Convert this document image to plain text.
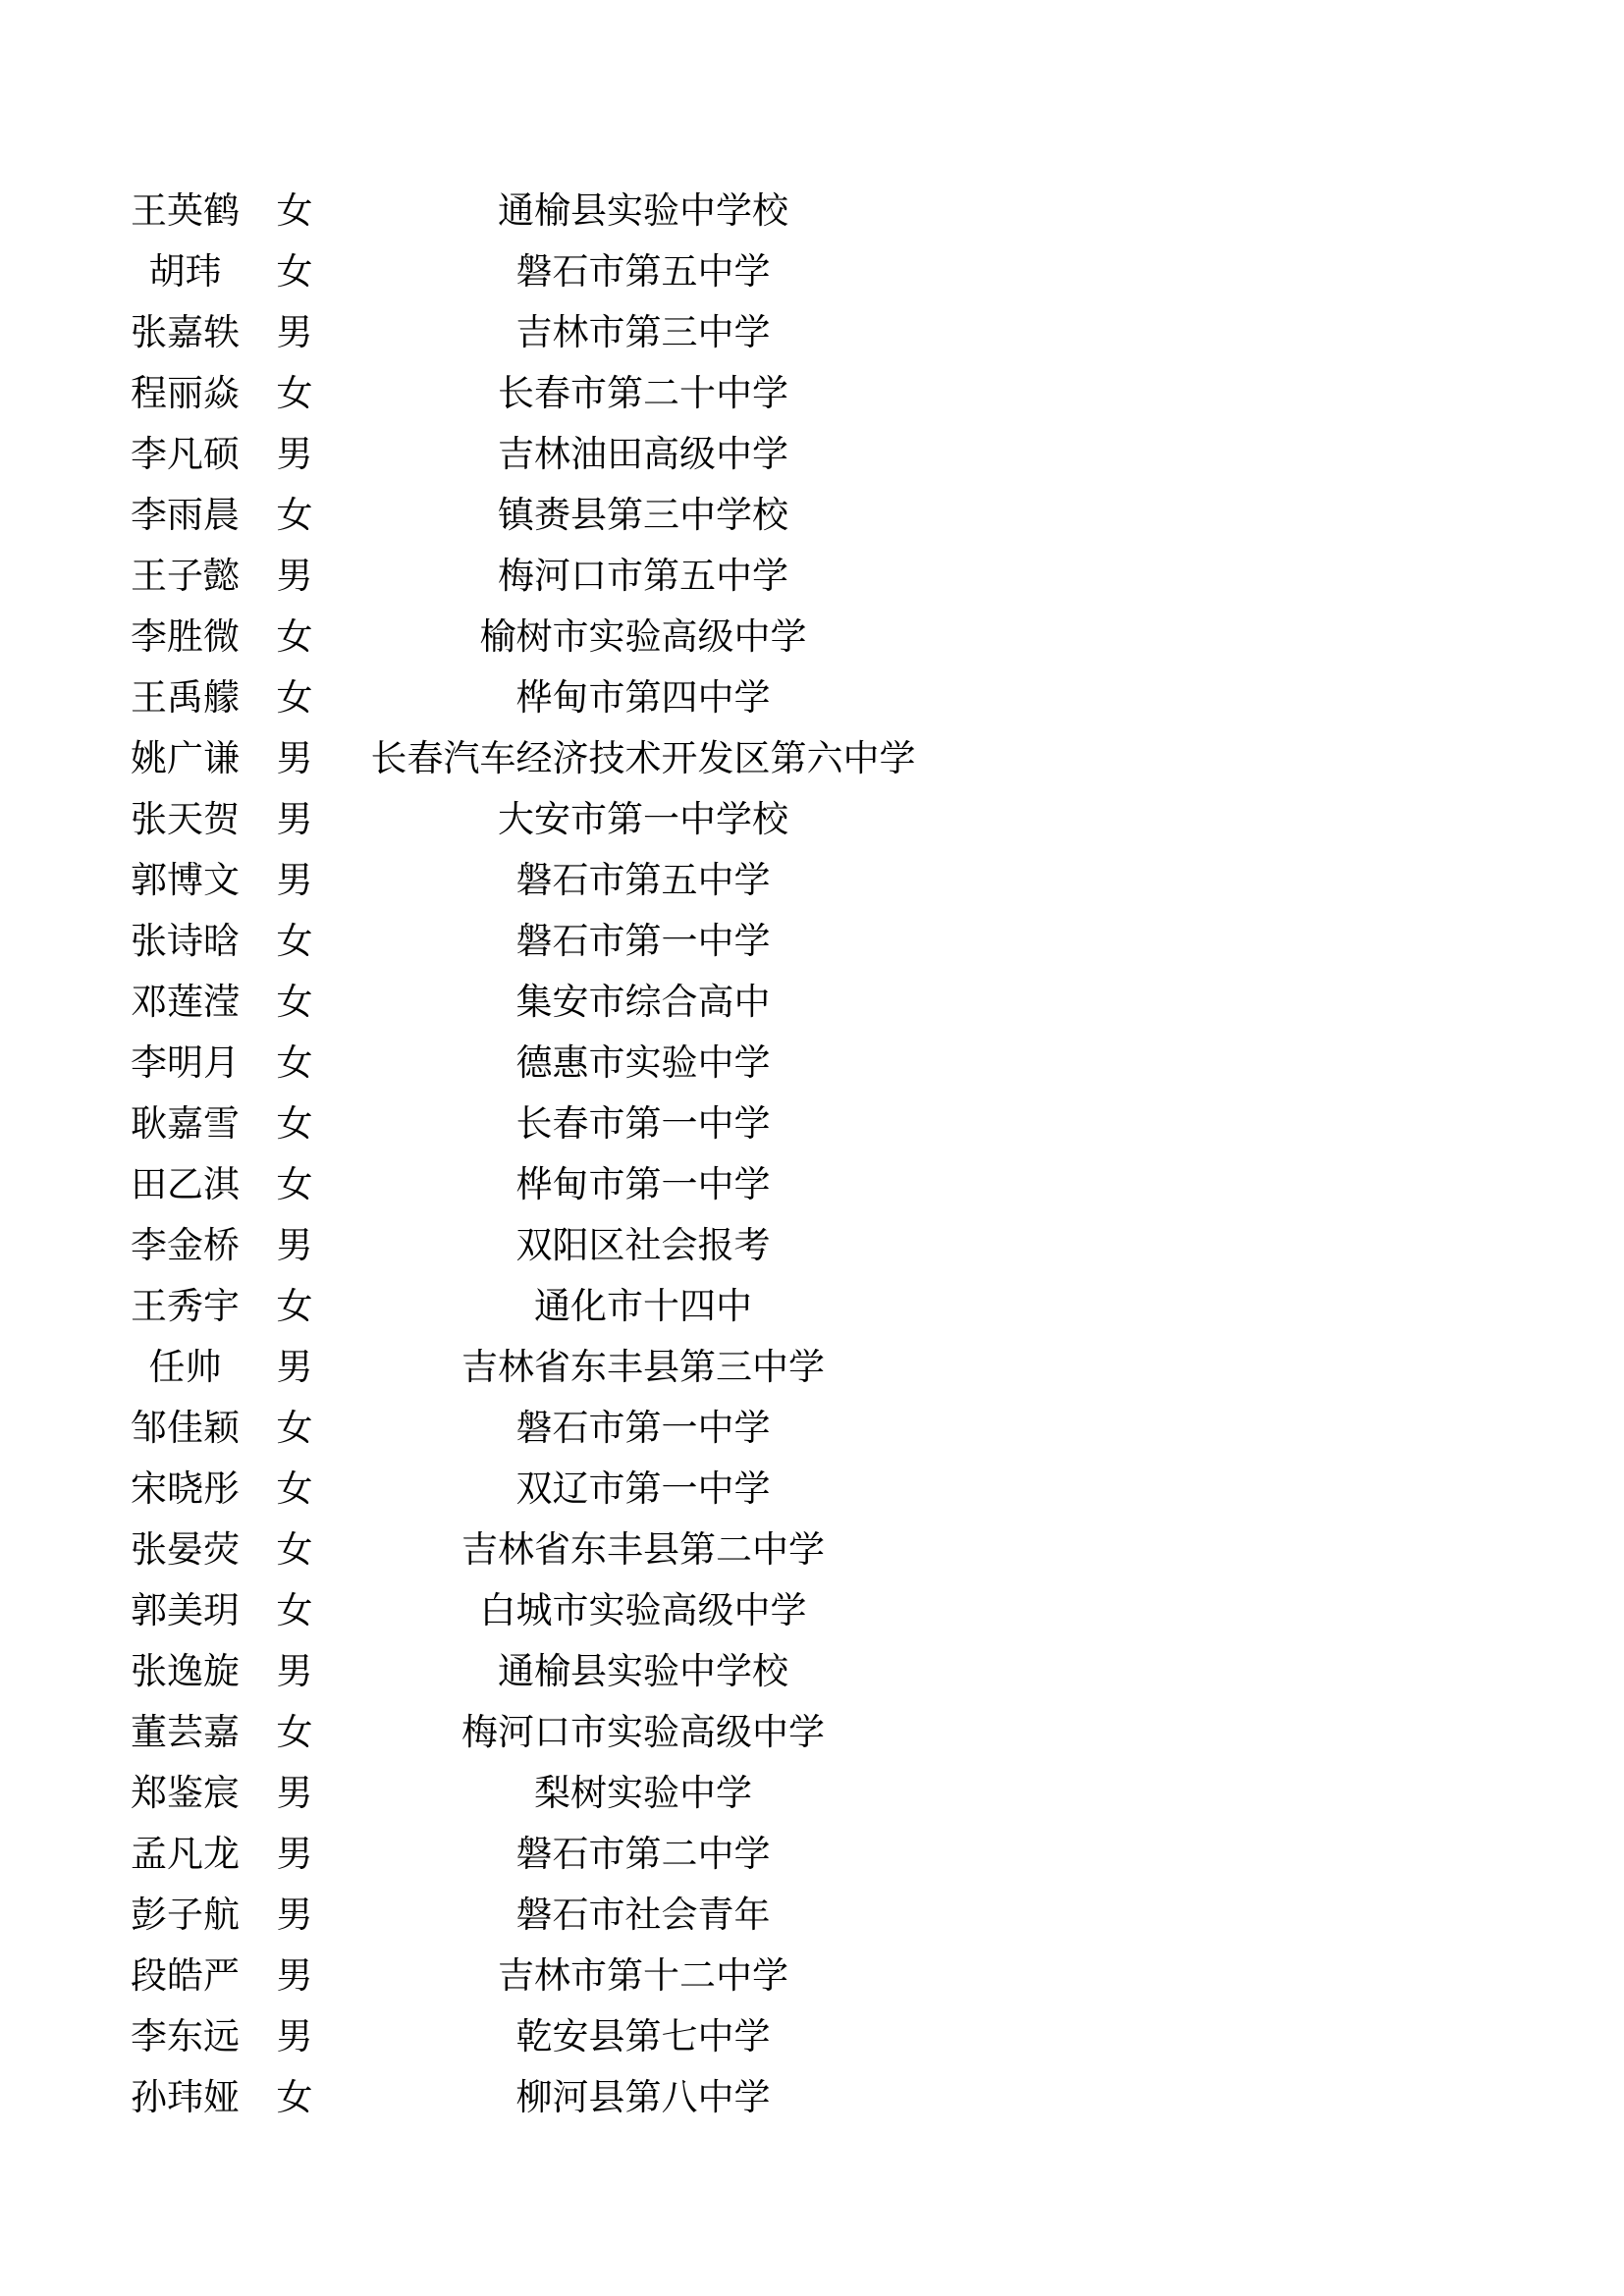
王英鹤	女	通榆县实验中学校
胡玮	女	磐石市第五中学
张嘉轶	男	吉林市第三中学
程丽焱	女	长春市第二十中学
李凡硕	男	吉林油田高级中学
李雨晨	女	镇赉县第三中学校
王子懿	男	梅河口市第五中学
李胜微	女	榆树市实验高级中学
王禹艨	女	桦甸市第四中学
姚广谦	男	长春汽车经济技术开发区第六中学
张天贺	男	大安市第一中学校
郭博文	男	磐石市第五中学
张诗晗	女	磐石市第一中学
邓莲滢	女	集安市综合高中
李明月	女	德惠市实验中学
耿嘉雪	女	长春市第一中学
田乙淇	女	桦甸市第一中学
李金桥	男	双阳区社会报考
王秀宇	女	通化市十四中
任帅	男	吉林省东丰县第三中学
邹佳颖	女	磐石市第一中学
宋晓彤	女	双辽市第一中学
张晏荧	女	吉林省东丰县第二中学
郭美玥	女	白城市实验高级中学
张逸旋	男	通榆县实验中学校
董芸嘉	女	梅河口市实验高级中学
郑鉴宸	男	梨树实验中学
孟凡龙	男	磐石市第二中学
彭子航	男	磐石市社会青年
段皓严	男	吉林市第十二中学
李东远	男	乾安县第七中学
孙玮娅	女	柳河县第八中学
